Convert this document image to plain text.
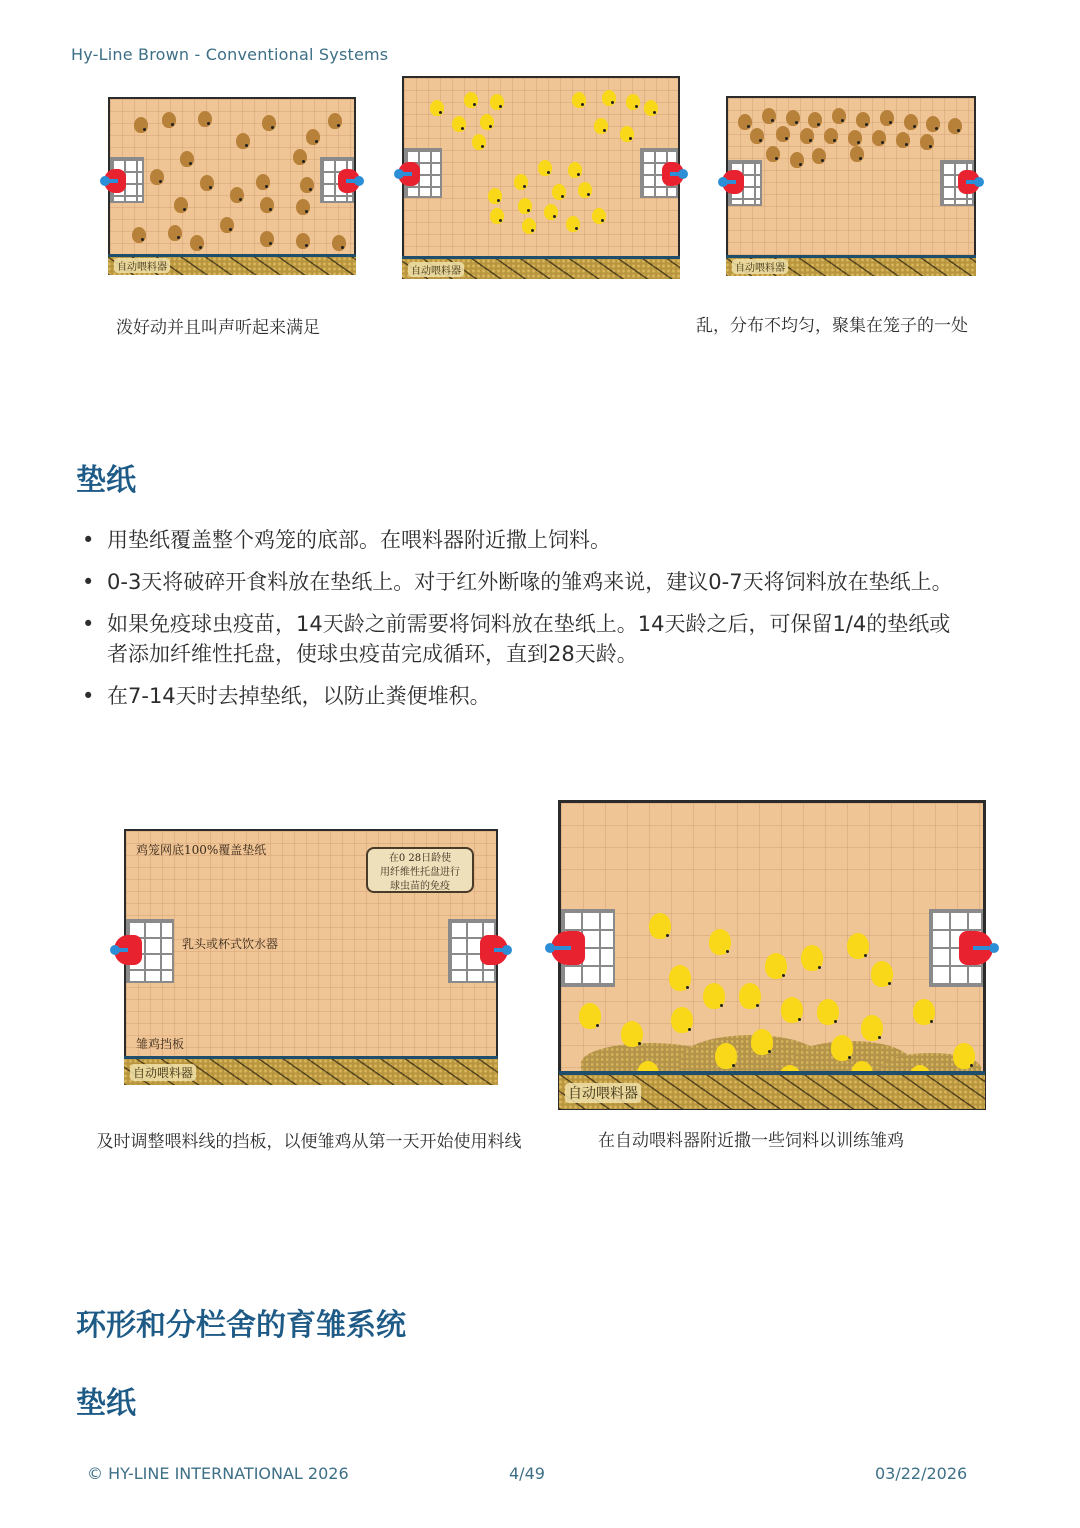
Hy-Line Brown - Conventional Systems
自动喂料器	自动喂料器	自动喂料器
泼好动并且叫声听起来满足	乱，分布不均匀，聚集在笼子的一处
垫纸
• 用垫纸覆盖整个鸡笼的底部。在喂料器附近撒上饲料。
• 0-3天将破碎开食料放在垫纸上。对于红外断喙的雏鸡来说，建议0-7天将饲料放在垫纸上。
• 如果免疫球虫疫苗，14天龄之前需要将饲料放在垫纸上。14天龄之后，可保留1/4的垫纸或者添加纤维性托盘，使球虫疫苗完成循环，直到28天龄。
• 在7-14天时去掉垫纸，以防止粪便堆积。
鸡笼网底100%覆盖垫纸
在0 28日龄使
用纤维性托盘进行
球虫苗的免疫
乳头或杯式饮水器
雏鸡挡板
自动喂料器
自动喂料器
及时调整喂料线的挡板，以便雏鸡从第一天开始使用料线	在自动喂料器附近撒一些饲料以训练雏鸡
环形和分栏舍的育雏系统
垫纸
© HY-LINE INTERNATIONAL 2026	4/49	03/22/2026
